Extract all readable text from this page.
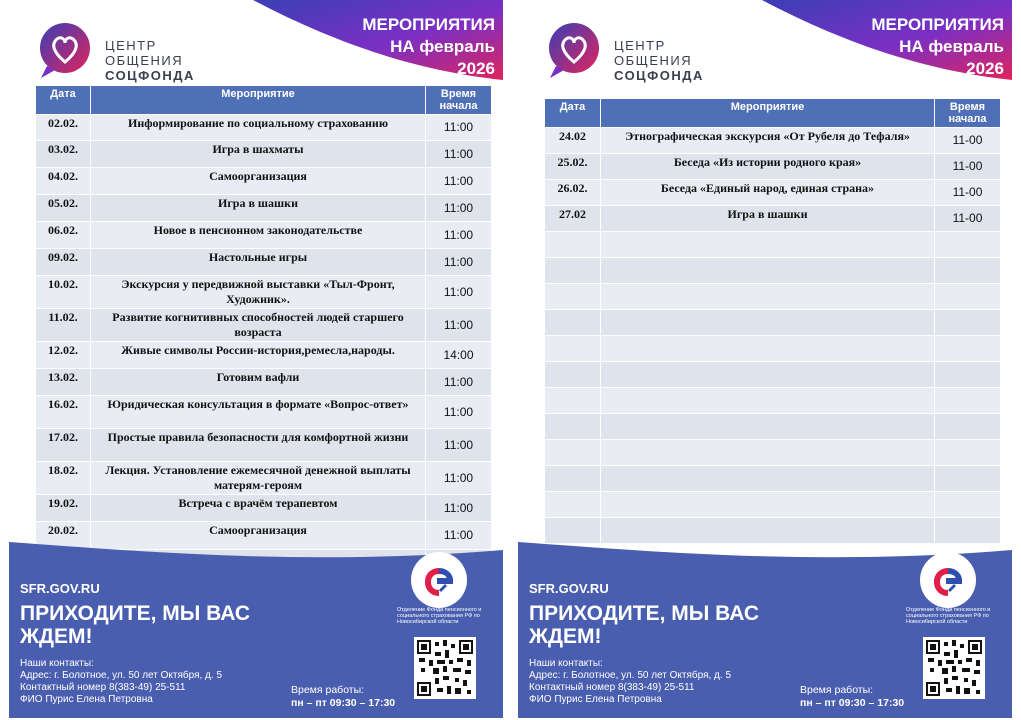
МЕРОПРИЯТИЯ
НА февраль
2026
ЦЕНТР
ОБЩЕНИЯ
СОЦФОНДА
Дата	Мероприятие	Время
начала
02.02.	Информирование по социальному страхованию	11:00
03.02.	Игра в шахматы	11:00
04.02.	Самоорганизация	11:00
05.02.	Игра в шашки	11:00
06.02.	Новое в пенсионном законодательстве	11:00
09.02.	Настольные игры	11:00
10.02.	Экскурсия у передвижной выставки «Тыл-Фронт, Художник».	11:00
11.02.	Развитие когнитивных способностей людей старшего возраста	11:00
12.02.	Живые символы России-история,ремесла,народы.	14:00
13.02.	Готовим вафли	11:00
16.02.	Юридическая консультация в формате «Вопрос-ответ»	11:00
17.02.	Простые правила безопасности для комфортной жизни	11:00
18.02.	Лекция. Установление ежемесячной денежной выплаты матерям-героям	11:00
19.02.	Встреча с врачём терапевтом	11:00
20.02.	Самоорганизация	11:00

SFR.GOV.RU
ПРИХОДИТЕ, МЫ ВАС ЖДЕМ!
Наши контакты:
Адрес: г. Болотное, ул. 50 лет Октября, д. 5
Контактный номер 8(383-49) 25-511
ФИО Пурис Елена Петровна
Время работы:
пн – пт 09:30 – 17:30
Отделение Фонда пенсионного и социального страхования РФ по Новосибирской области
МЕРОПРИЯТИЯ
НА февраль
2026
ЦЕНТР
ОБЩЕНИЯ
СОЦФОНДА
Дата	Мероприятие	Время
начала
24.02	Этнографическая экскурсия «От Рубеля до Тефаля»	11-00
25.02.	Беседа «Из истории родного края»	11-00
26.02.	Беседа «Единый народ, единая страна»	11-00
27.02	Игра в шашки	11-00

SFR.GOV.RU
ПРИХОДИТЕ, МЫ ВАС ЖДЕМ!
Наши контакты:
Адрес: г. Болотное, ул. 50 лет Октября, д. 5
Контактный номер 8(383-49) 25-511
ФИО Пурис Елена Петровна
Время работы:
пн – пт 09:30 – 17:30
Отделение Фонда пенсионного и социального страхования РФ по Новосибирской области
